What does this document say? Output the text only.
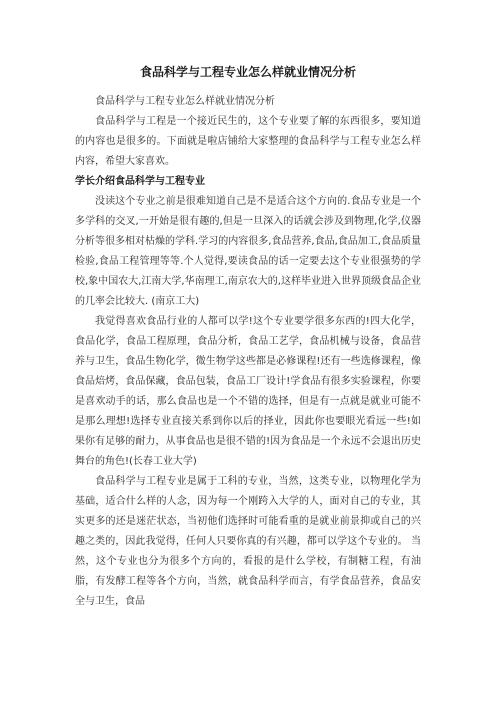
食品科学与工程专业怎么样就业情况分析

食品科学与工程专业怎么样就业情况分析

食品科学与工程是一个接近民生的，这个专业要了解的东西很多，要知道的内容也是很多的。下面就是啦店铺给大家整理的食品科学与工程专业怎么样内容，希望大家喜欢。

学长介绍食品科学与工程专业

没读这个专业之前是很难知道自己是不是适合这个方向的.食品专业是一个多学科的交叉,一开始是很有趣的,但是一旦深入的话就会涉及到物理,化学,仪器分析等很多相对枯燥的学科.学习的内容很多,食品营养,食品,食品加工,食品质量检验,食品工程管理等等.个人觉得,要读食品的话一定要去这个专业很强势的学校,象中国农大,江南大学,华南理工,南京农大的,这样毕业进入世界顶级食品企业的几率会比较大. (南京工大)

我觉得喜欢食品行业的人都可以学!这个专业要学很多东西的!四大化学，食品化学，食品工程原理，食品分析，食品工艺学，食品机械与设备，食品营养与卫生，食品生物化学，微生物学这些都是必修课程!还有一些选修课程，像食品焙烤，食品保藏，食品包装，食品工厂设计!学食品有很多实验课程，你要是喜欢动手的话，那么食品也是一个不错的选择，但是有一点就是就业可能不是那么理想!选择专业直接关系到你以后的择业，因此你也要眼光看远一些!如果你有足够的耐力，从事食品也是很不错的!因为食品是一个永远不会退出历史舞台的角色!(长春工业大学)

食品科学与工程专业是属于工科的专业，当然，这类专业，以物理化学为基础，适合什么样的人念，因为每一个刚跨入大学的人，面对自己的专业，其实更多的还是迷茫状态，当初他们选择时可能看重的是就业前景抑或自己的兴趣之类的，因此我觉得，任何人只要你真的有兴趣，都可以学这个专业的。 当然，这个专业也分为很多个方向的，看报的是什么学校，有制糖工程，有油脂，有发酵工程等各个方向，当然，就食品科学而言，有学食品营养，食品安全与卫生，食品
